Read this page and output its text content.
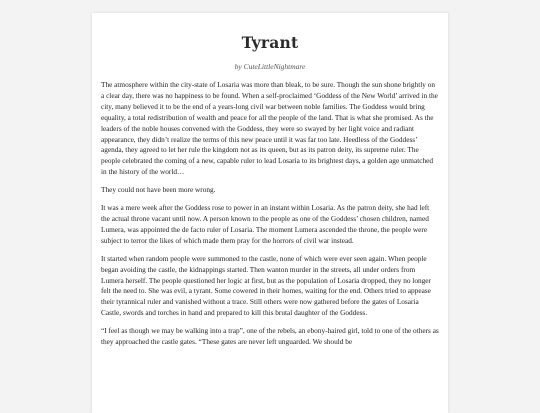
Tyrant
by CuteLittleNightmare

The atmosphere within the city-state of Losaria was more than bleak, to be sure. Though the sun shone brightly on a clear day, there was no happiness to be found. When a self-proclaimed ‘Goddess of the New World’ arrived in the city, many believed it to be the end of a years-long civil war between noble families. The Goddess would bring equality, a total redistribution of wealth and peace for all the people of the land. That is what she promised. As the leaders of the noble houses convened with the Goddess, they were so swayed by her light voice and radiant appearance, they didn’t realize the terms of this new peace until it was far too late. Heedless of the Goddess’ agenda, they agreed to let her rule the kingdom not as its queen, but as its patron deity, its supreme ruler. The people celebrated the coming of a new, capable ruler to lead Losaria to its brightest days, a golden age unmatched in the history of the world…

They could not have been more wrong.

It was a mere week after the Goddess rose to power in an instant within Losaria. As the patron deity, she had left the actual throne vacant until now. A person known to the people as one of the Goddess’ chosen children, named Lumera, was appointed the de facto ruler of Losaria. The moment Lumera ascended the throne, the people were subject to terror the likes of which made them pray for the horrors of civil war instead.

It started when random people were summoned to the castle, none of which were ever seen again. When people began avoiding the castle, the kidnappings started. Then wanton murder in the streets, all under orders from Lumera herself. The people questioned her logic at first, but as the population of Losaria dropped, they no longer felt the need to. She was evil, a tyrant. Some cowered in their homes, waiting for the end. Others tried to appease their tyrannical ruler and vanished without a trace. Still others were now gathered before the gates of Losaria Castle, swords and torches in hand and prepared to kill this brutal daughter of the Goddess.

“I feel as though we may be walking into a trap”, one of the rebels, an ebony-haired girl, told to one of the others as they approached the castle gates. “These gates are never left unguarded. We should be
